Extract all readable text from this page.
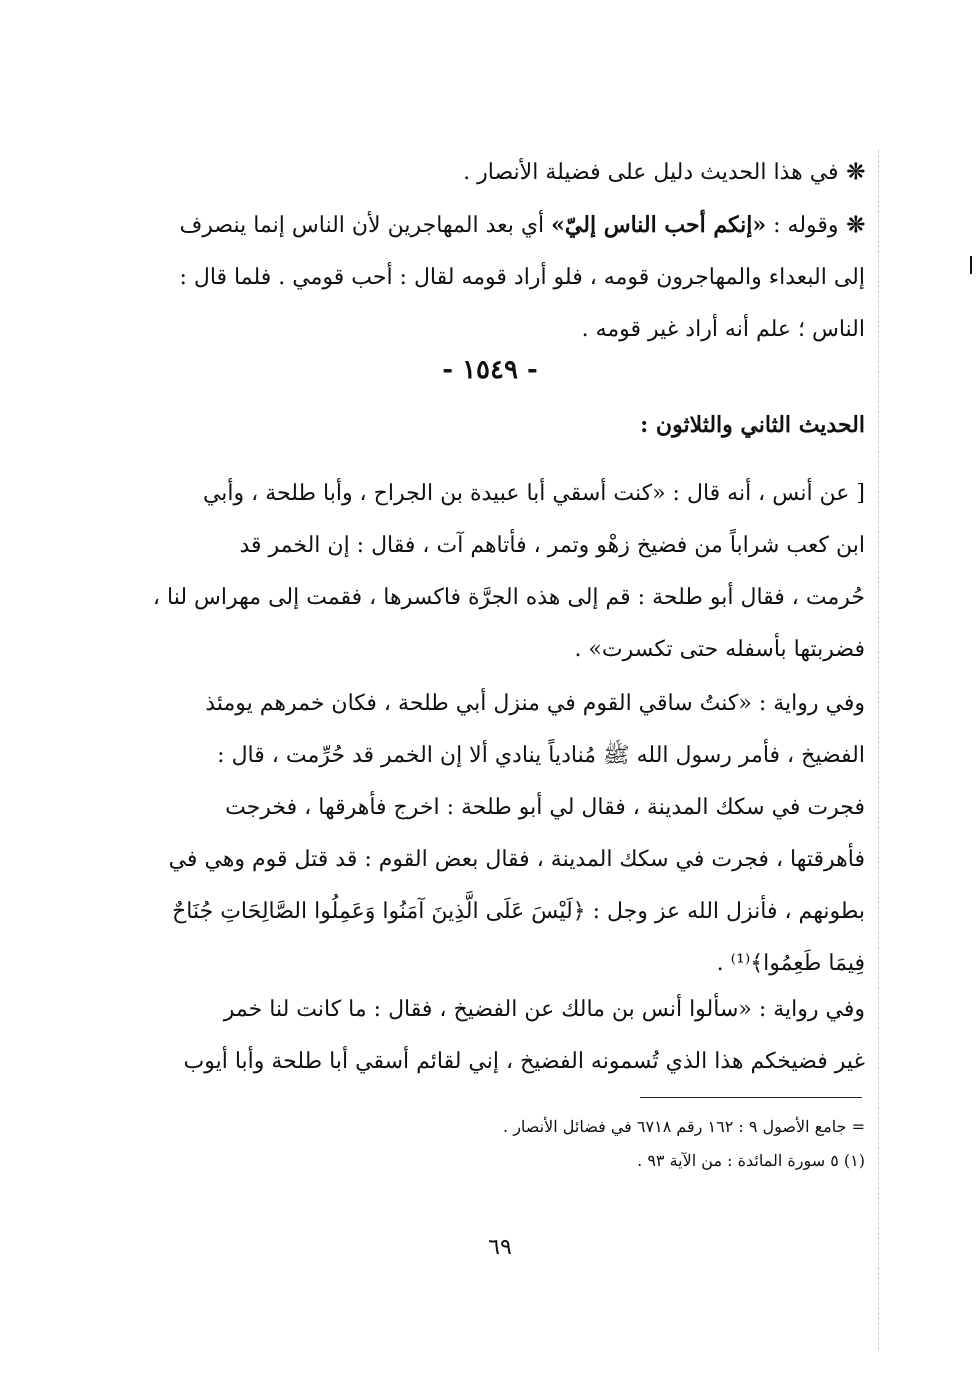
❊في هذا الحديث دليل على فضيلة الأنصار .
❊وقوله : «إنكم أحب الناس إليّ» أي بعد المهاجرين لأن الناس إنما ينصرف
إلى البعداء والمهاجرون قومه ، فلو أراد قومه لقال : أحب قومي . فلما قال :
الناس ؛ علم أنه أراد غير قومه .
- ١٥٤٩ -
الحديث الثاني والثلاثون :
[ عن أنس ، أنه قال : «كنت أسقي أبا عبيدة بن الجراح ، وأبا طلحة ، وأبي
ابن كعب شراباً من فضيخ زهْو وتمر ، فأتاهم آت ، فقال : إن الخمر قد
حُرمت ، فقال أبو طلحة : قم إلى هذه الجرَّة فاكسرها ، فقمت إلى مهراس لنا ،
فضربتها بأسفله حتى تكسرت» .
وفي رواية : «كنتُ ساقي القوم في منزل أبي طلحة ، فكان خمرهم يومئذ
الفضيخ ، فأمر رسول الله ﷺ مُنادياً ينادي ألا إن الخمر قد حُرِّمت ، قال :
فجرت في سكك المدينة ، فقال لي أبو طلحة : اخرج فأهرقها ، فخرجت
فأهرقتها ، فجرت في سكك المدينة ، فقال بعض القوم : قد قتل قوم وهي في
بطونهم ، فأنزل الله عز وجل : ﴿لَيْسَ عَلَى الَّذِينَ آمَنُوا وَعَمِلُوا الصَّالِحَاتِ جُنَاحٌ
فِيمَا طَعِمُوا﴾⁽¹⁾ .
وفي رواية : «سألوا أنس بن مالك عن الفضيخ ، فقال : ما كانت لنا خمر
غير فضيخكم هذا الذي تُسمونه الفضيخ ، إني لقائم أسقي أبا طلحة وأبا أيوب
= جامع الأصول ٩ : ١٦٢ رقم ٦٧١٨ في فضائل الأنصار .
(١) ٥ سورة المائدة : من الآية ٩٣ .
٦٩
